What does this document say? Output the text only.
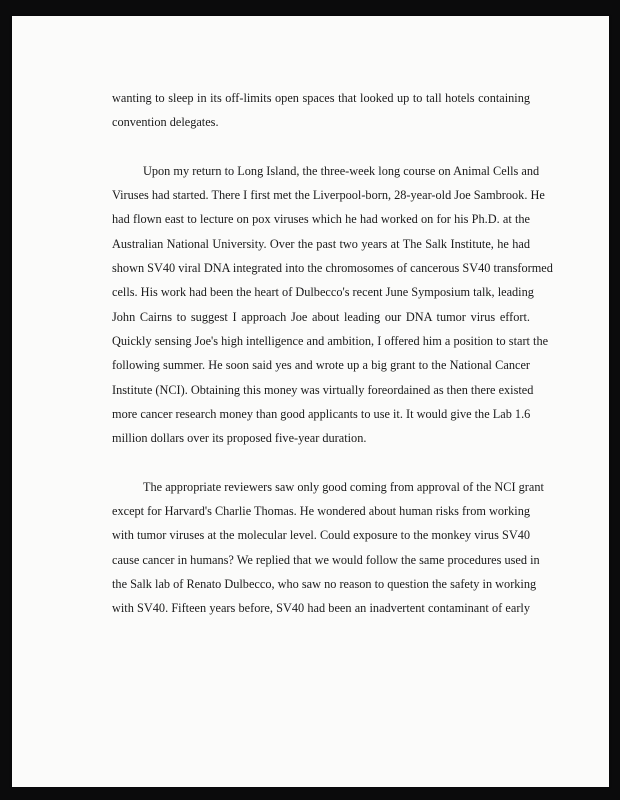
wanting to sleep in its off-limits open spaces that looked up to tall hotels containing
convention delegates.
Upon my return to Long Island, the three-week long course on Animal Cells and
Viruses had started. There I first met the Liverpool-born, 28-year-old Joe Sambrook. He
had flown east to lecture on pox viruses which he had worked on for his Ph.D. at the
Australian National University. Over the past two years at The Salk Institute, he had
shown SV40 viral DNA integrated into the chromosomes of cancerous SV40 transformed
cells. His work had been the heart of Dulbecco's recent June Symposium talk, leading
John Cairns to suggest I approach Joe about leading our DNA tumor virus effort.
Quickly sensing Joe's high intelligence and ambition, I offered him a position to start the
following summer. He soon said yes and wrote up a big grant to the National Cancer
Institute (NCI). Obtaining this money was virtually foreordained as then there existed
more cancer research money than good applicants to use it. It would give the Lab 1.6
million dollars over its proposed five-year duration.
The appropriate reviewers saw only good coming from approval of the NCI grant
except for Harvard's Charlie Thomas. He wondered about human risks from working
with tumor viruses at the molecular level. Could exposure to the monkey virus SV40
cause cancer in humans? We replied that we would follow the same procedures used in
the Salk lab of Renato Dulbecco, who saw no reason to question the safety in working
with SV40. Fifteen years before, SV40 had been an inadvertent contaminant of early
